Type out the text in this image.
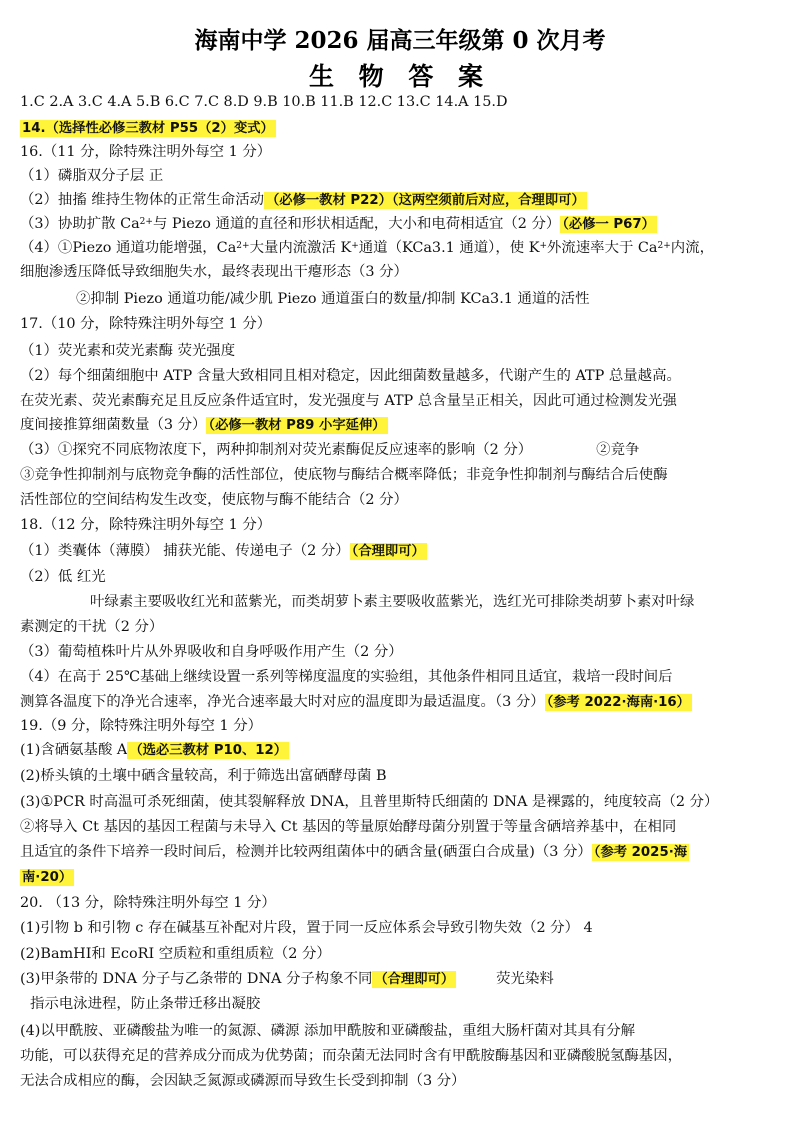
海南中学 2026 届高三年级第 0 次月考
生 物 答 案
1.C 2.A 3.C 4.A 5.B 6.C 7.C 8.D 9.B 10.B 11.B 12.C 13.C 14.A 15.D
14.（选择性必修三教材 P55（2）变式）
16.（11 分，除特殊注明外每空 1 分）
（1）磷脂双分子层 正
（2）抽搐 维持生物体的正常生命活动 （必修一教材 P22）（这两空须前后对应，合理即可）
（3）协助扩散 $Ca^{2+}$与 Piezo 通道的直径和形状相适配，大小和电荷相适宜（2 分） （必修一 P67）
（4）①Piezo 通道功能增强，$Ca^{2+}$大量内流激活 K+通道（KCa3.1 通道），使 K+外流速率大于 $Ca^{2+}$内流，
细胞渗透压降低导致细胞失水，最终表现出干瘪形态（3 分）
②抑制 Piezo 通道功能/减少肌 Piezo 通道蛋白的数量/抑制 KCa3.1 通道的活性
17.（10 分，除特殊注明外每空 1 分）
（1）荧光素和荧光素酶 荧光强度
（2）每个细菌细胞中 ATP 含量大致相同且相对稳定，因此细菌数量越多，代谢产生的 ATP 总量越高。
在荧光素、荧光素酶充足且反应条件适宜时，发光强度与 ATP 总含量呈正相关，因此可通过检测发光强
度间接推算细菌数量（3 分） （必修一教材 P89 小字延伸）
（3）①探究不同底物浓度下，两种抑制剂对荧光素酶促反应速率的影响（2 分）	②竞争
③竞争性抑制剂与底物竞争酶的活性部位，使底物与酶结合概率降低；非竞争性抑制剂与酶结合后使酶
活性部位的空间结构发生改变，使底物与酶不能结合（2 分）
18.（12 分，除特殊注明外每空 1 分）
（1）类囊体（薄膜） 捕获光能、传递电子（2 分） （合理即可）
（2）低 红光
叶绿素主要吸收红光和蓝紫光，而类胡萝卜素主要吸收蓝紫光，选红光可排除类胡萝卜素对叶绿
素测定的干扰（2 分）
（3）葡萄植株叶片从外界吸收和自身呼吸作用产生（2 分）
（4）在高于 25℃基础上继续设置一系列等梯度温度的实验组，其他条件相同且适宜，栽培一段时间后
测算各温度下的净光合速率，净光合速率最大时对应的温度即为最适温度。（3 分） （参考 2022·海南·16）
19.（9 分，除特殊注明外每空 1 分）
(1)含硒氨基酸 A （选必三教材 P10、12）
(2)桥头镇的土壤中硒含量较高，利于筛选出富硒酵母菌 B
(3)①PCR 时高温可杀死细菌，使其裂解释放 DNA，且普里斯特氏细菌的 DNA 是裸露的，纯度较高（2 分）
②将导入 Ct 基因的基因工程菌与未导入 Ct 基因的等量原始酵母菌分别置于等量含硒培养基中，在相同
且适宜的条件下培养一段时间后，检测并比较两组菌体中的硒含量(硒蛋白合成量)（3 分） （参考 2025·海
南·20）
20. （13 分，除特殊注明外每空 1 分）
(1)引物 b 和引物 c 存在碱基互补配对片段，置于同一反应体系会导致引物失效（2 分） 4
(2)BamHⅠ和 EcoRⅠ 空质粒和重组质粒（2 分）
(3)甲条带的 DNA 分子与乙条带的 DNA 分子构象不同 （合理即可）	荧光染料
指示电泳进程，防止条带迁移出凝胶
(4)以甲酰胺、亚磷酸盐为唯一的氮源、磷源 添加甲酰胺和亚磷酸盐，重组大肠杆菌对其具有分解
功能，可以获得充足的营养成分而成为优势菌；而杂菌无法同时含有甲酰胺酶基因和亚磷酸脱氢酶基因，
无法合成相应的酶，会因缺乏氮源或磷源而导致生长受到抑制（3 分）
